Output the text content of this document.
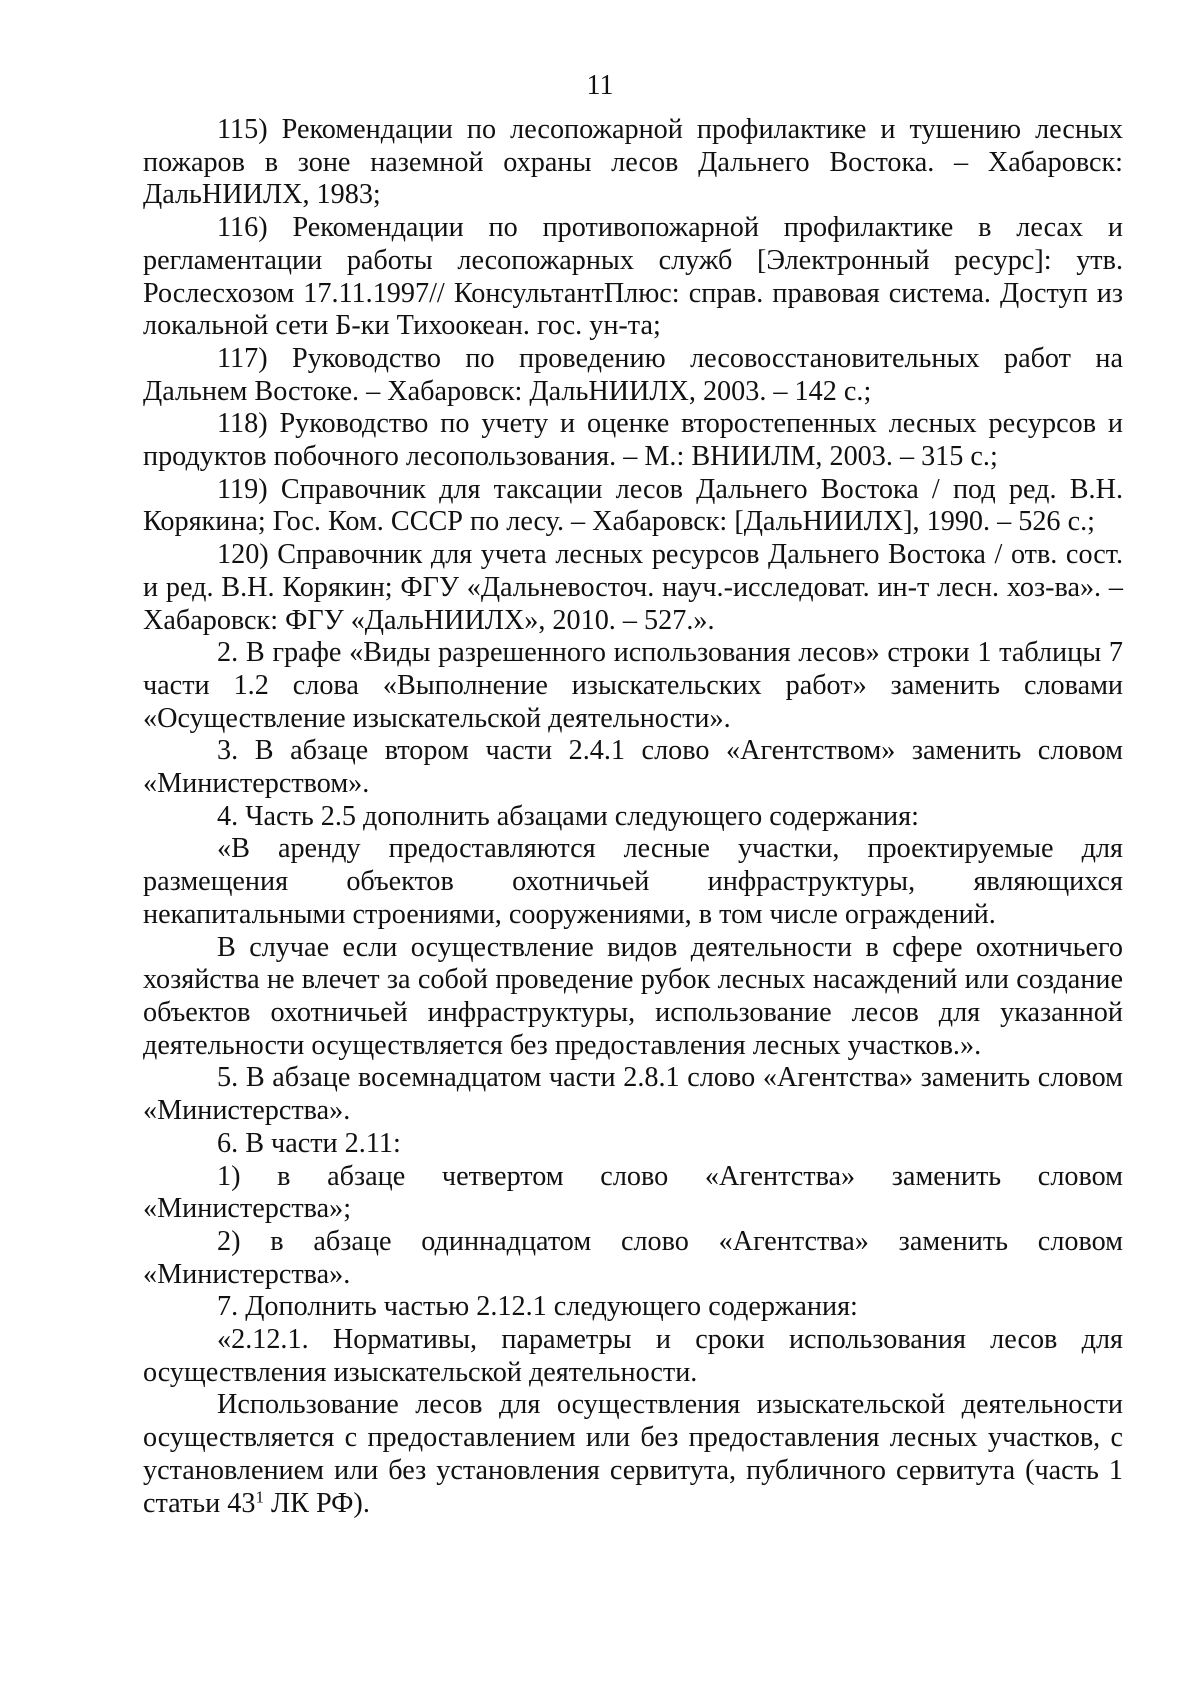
11

115) Рекомендации по лесопожарной профилактике и тушению лесных пожаров в зоне наземной охраны лесов Дальнего Востока. – Хабаровск: ДальНИИЛХ, 1983;

116) Рекомендации по противопожарной профилактике в лесах и регламентации работы лесопожарных служб [Электронный ресурс]: утв. Рослесхозом 17.11.1997// КонсультантПлюс: справ. правовая система. Доступ из локальной сети Б-ки Тихоокеан. гос. ун-та;

117) Руководство по проведению лесовосстановительных работ на Дальнем Востоке. – Хабаровск: ДальНИИЛХ, 2003. – 142 с.;

118) Руководство по учету и оценке второстепенных лесных ресурсов и продуктов побочного лесопользования. – М.: ВНИИЛМ, 2003. – 315 с.;

119) Справочник для таксации лесов Дальнего Востока / под ред. В.Н. Корякина; Гос. Ком. СССР по лесу. – Хабаровск: [ДальНИИЛХ], 1990. – 526 с.;

120) Справочник для учета лесных ресурсов Дальнего Востока / отв. сост. и ред. В.Н. Корякин; ФГУ «Дальневосточ. науч.-исследоват. ин-т лесн. хоз-ва». – Хабаровск: ФГУ «ДальНИИЛХ», 2010. – 527.».

2. В графе «Виды разрешенного использования лесов» строки 1 таблицы 7 части 1.2 слова «Выполнение изыскательских работ» заменить словами «Осуществление изыскательской деятельности».

3. В абзаце втором части 2.4.1 слово «Агентством» заменить словом «Министерством».

4. Часть 2.5 дополнить абзацами следующего содержания:

«В аренду предоставляются лесные участки, проектируемые для размещения объектов охотничьей инфраструктуры, являющихся некапитальными строениями, сооружениями, в том числе ограждений.

В случае если осуществление видов деятельности в сфере охотничьего хозяйства не влечет за собой проведение рубок лесных насаждений или создание объектов охотничьей инфраструктуры, использование лесов для указанной деятельности осуществляется без предоставления лесных участков.».

5. В абзаце восемнадцатом части 2.8.1 слово «Агентства» заменить словом «Министерства».

6. В части 2.11:

1) в абзаце четвертом слово «Агентства» заменить словом «Министерства»;

2) в абзаце одиннадцатом слово «Агентства» заменить словом «Министерства».

7. Дополнить частью 2.12.1 следующего содержания:

«2.12.1. Нормативы, параметры и сроки использования лесов для осуществления изыскательской деятельности.

Использование лесов для осуществления изыскательской деятельности осуществляется с предоставлением или без предоставления лесных участков, с установлением или без установления сервитута, публичного сервитута (часть 1 статьи $43^1$ ЛК РФ).
